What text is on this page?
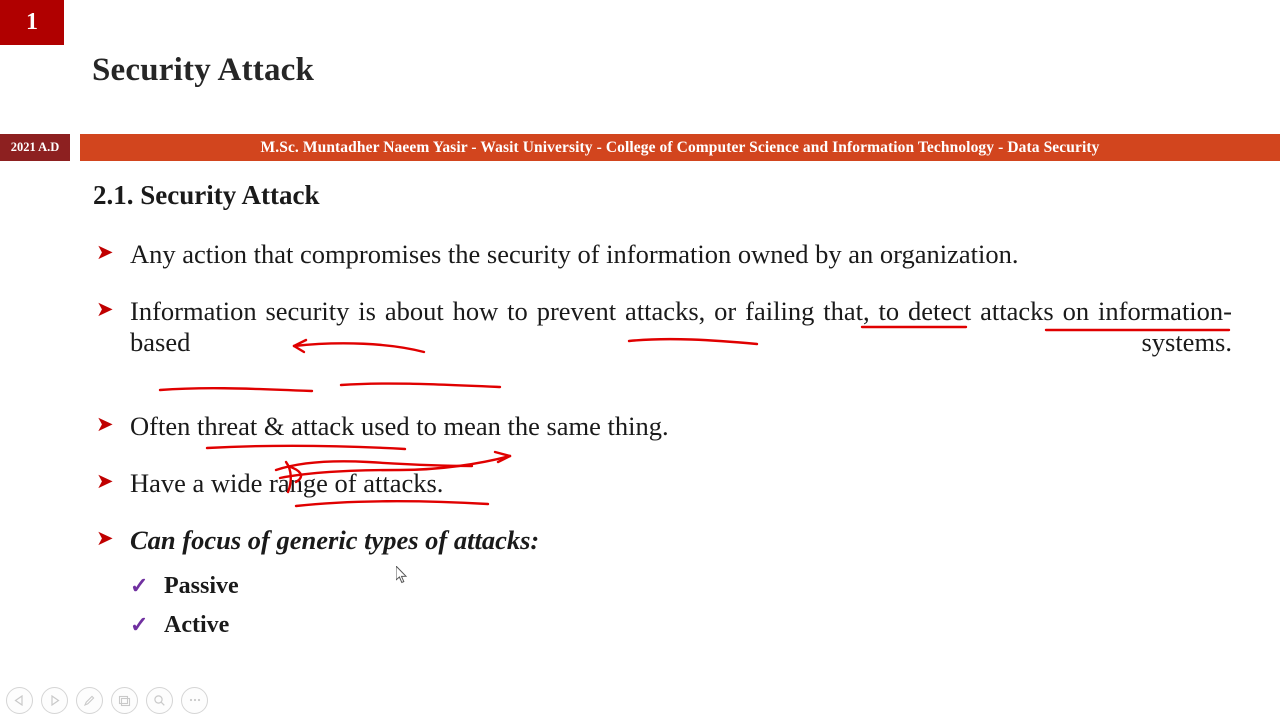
1
Security Attack
2021 A.D	M.Sc. Muntadher Naeem Yasir - Wasit University - College of Computer Science and Information Technology - Data Security
2.1. Security Attack
➤ Any action that compromises the security of information owned by an organization.
➤ Information security is about how to prevent attacks, or failing that, to detect attacks on information-based systems.
➤ Often threat & attack used to mean the same thing.
➤ Have a wide range of attacks.
➤ Can focus of generic types of attacks:
✓ Passive
✓ Active
